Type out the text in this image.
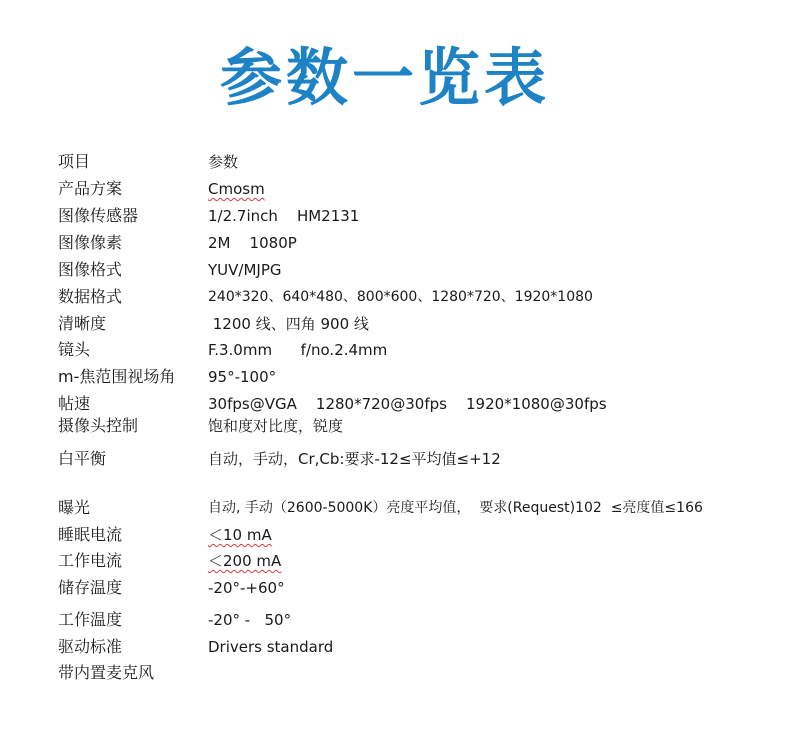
参数一览表
项目	参数
产品方案	Cmosm
图像传感器	1/2.7inch    HM2131
图像像素	2M    1080P
图像格式	YUV/MJPG
数据格式	240*320、640*480、800*600、1280*720、1920*1080
清晰度	1200 线、四角 900 线
镜头	F.3.0mm      f/no.2.4mm
m-焦范围视场角 95°-100°
帖速	30fps@VGA    1280*720@30fps    1920*1080@30fps
摄像头控制	饱和度对比度，锐度
白平衡	自动，手动，Cr,Cb:要求-12≤平均值≤+12
曝光	自动, 手动（2600-5000K）亮度平均值，  要求(Request)102  ≤亮度值≤166
睡眠电流	＜10 mA
工作电流	＜200 mA
储存温度	-20°-+60°
工作温度	-20° -   50°
驱动标准	Drivers standard
带内置麦克风
